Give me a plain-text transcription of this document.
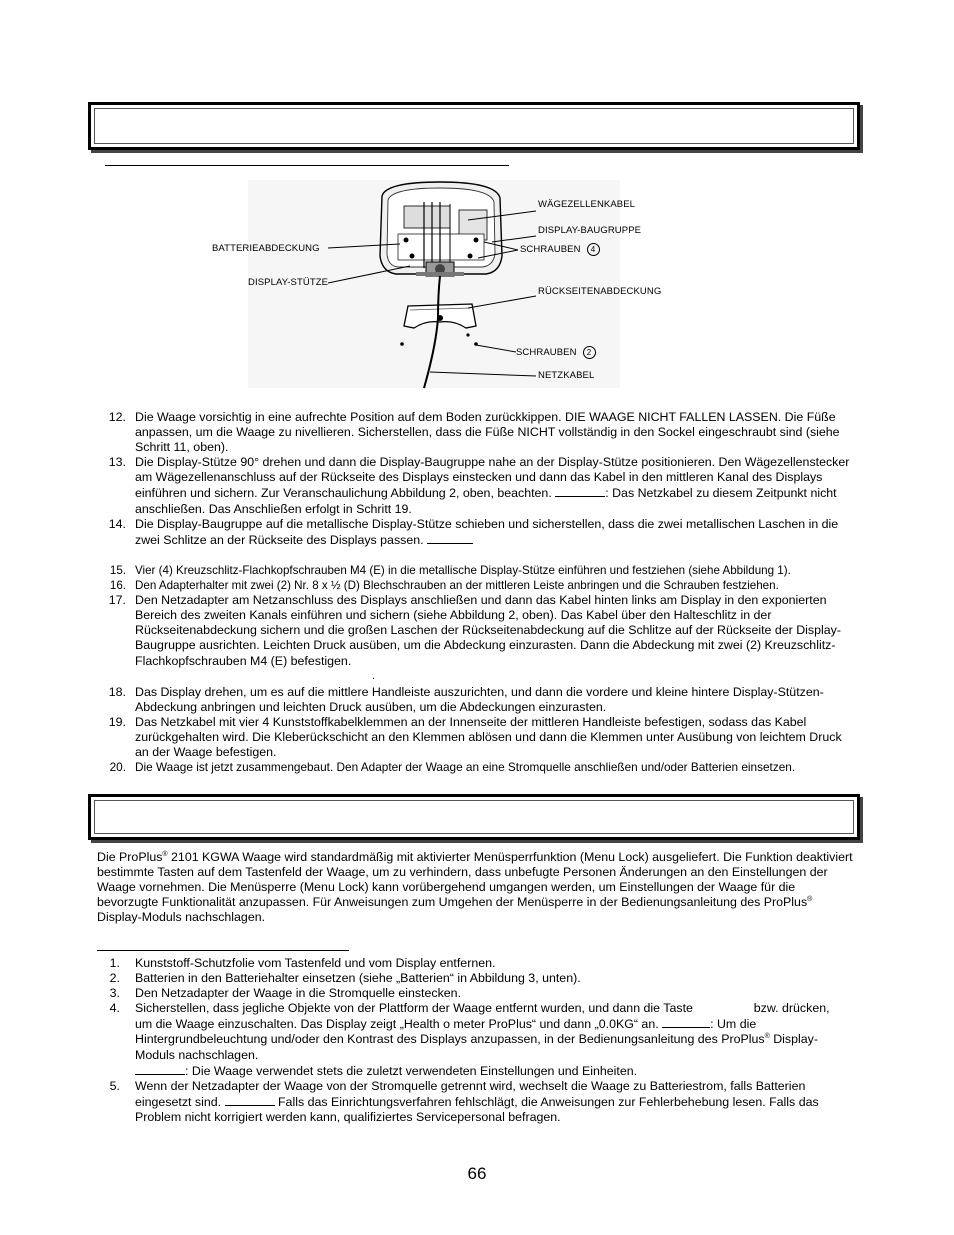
WÄGEZELLENKABEL
DISPLAY-BAUGRUPPE
BATTERIEABDECKUNG	SCHRAUBEN 4
DISPLAY-STÜTZE
RÜCKSEITENABDECKUNG
SCHRAUBEN 2
NETZKABEL
12. Die Waage vorsichtig in eine aufrechte Position auf dem Boden zurückkippen. DIE WAAGE NICHT FALLEN LASSEN. Die Füße anpassen, um die Waage zu nivellieren. Sicherstellen, dass die Füße NICHT vollständig in den Sockel eingeschraubt sind (siehe Schritt 11, oben).
13. Die Display-Stütze 90° drehen und dann die Display-Baugruppe nahe an der Display-Stütze positionieren. Den Wägezellenstecker am Wägezellenanschluss auf der Rückseite des Displays einstecken und dann das Kabel in den mittleren Kanal des Displays einführen und sichern. Zur Veranschaulichung Abbildung 2, oben, beachten.	: Das Netzkabel zu diesem Zeitpunkt nicht anschließen. Das Anschließen erfolgt in Schritt 19.
14. Die Display-Baugruppe auf die metallische Display-Stütze schieben und sicherstellen, dass die zwei metallischen Laschen in die zwei Schlitze an der Rückseite des Displays passen.
15. Vier (4) Kreuzschlitz-Flachkopfschrauben M4 (E) in die metallische Display-Stütze einführen und festziehen (siehe Abbildung 1).
16. Den Adapterhalter mit zwei (2) Nr. 8 x ½ (D) Blechschrauben an der mittleren Leiste anbringen und die Schrauben festziehen.
17. Den Netzadapter am Netzanschluss des Displays anschließen und dann das Kabel hinten links am Display in den exponierten Bereich des zweiten Kanals einführen und sichern (siehe Abbildung 2, oben). Das Kabel über den Halteschlitz in der Rückseitenabdeckung sichern und die großen Laschen der Rückseitenabdeckung auf die Schlitze auf der Rückseite der Display-Baugruppe ausrichten. Leichten Druck ausüben, um die Abdeckung einzurasten. Dann die Abdeckung mit zwei (2) Kreuzschlitz-Flachkopfschrauben M4 (E) befestigen.
.
18. Das Display drehen, um es auf die mittlere Handleiste auszurichten, und dann die vordere und kleine hintere Display-Stützen-Abdeckung anbringen und leichten Druck ausüben, um die Abdeckungen einzurasten.
19. Das Netzkabel mit vier 4 Kunststoffkabelklemmen an der Innenseite der mittleren Handleiste befestigen, sodass das Kabel zurückgehalten wird. Die Kleberückschicht an den Klemmen ablösen und dann die Klemmen unter Ausübung von leichtem Druck an der Waage befestigen.
20. Die Waage ist jetzt zusammengebaut. Den Adapter der Waage an eine Stromquelle anschließen und/oder Batterien einsetzen.
Die ProPlus® 2101 KGWA Waage wird standardmäßig mit aktivierter Menüsperrfunktion (Menu Lock) ausgeliefert. Die Funktion deaktiviert bestimmte Tasten auf dem Tastenfeld der Waage, um zu verhindern, dass unbefugte Personen Änderungen an den Einstellungen der Waage vornehmen. Die Menüsperre (Menu Lock) kann vorübergehend umgangen werden, um Einstellungen der Waage für die bevorzugte Funktionalität anzupassen. Für Anweisungen zum Umgehen der Menüsperre in der Bedienungsanleitung des ProPlus® Display-Moduls nachschlagen.
1. Kunststoff-Schutzfolie vom Tastenfeld und vom Display entfernen.
2. Batterien in den Batteriehalter einsetzen (siehe „Batterien“ in Abbildung 3, unten).
3. Den Netzadapter der Waage in die Stromquelle einstecken.
4. Sicherstellen, dass jegliche Objekte von der Plattform der Waage entfernt wurden, und dann die Taste	bzw. drücken, um die Waage einzuschalten. Das Display zeigt „Health o meter ProPlus“ und dann „0.0KG“ an.	: Um die Hintergrundbeleuchtung und/oder den Kontrast des Displays anzupassen, in der Bedienungsanleitung des ProPlus® Display-Moduls nachschlagen.
: Die Waage verwendet stets die zuletzt verwendeten Einstellungen und Einheiten.
5. Wenn der Netzadapter der Waage von der Stromquelle getrennt wird, wechselt die Waage zu Batteriestrom, falls Batterien eingesetzt sind.	Falls das Einrichtungsverfahren fehlschlägt, die Anweisungen zur Fehlerbehebung lesen. Falls das Problem nicht korrigiert werden kann, qualifiziertes Servicepersonal befragen.
66
